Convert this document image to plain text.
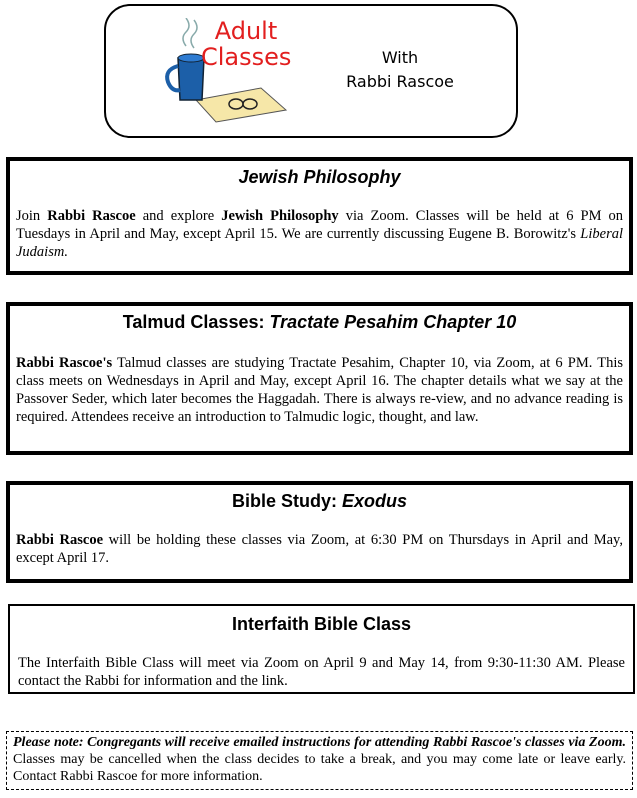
Adult
Classes	With
Rabbi Rascoe
Jewish Philosophy

Join Rabbi Rascoe and explore Jewish Philosophy via Zoom. Classes will be held at 6 PM on Tuesdays in April and May, except April 15. We are currently discussing Eugene B. Borowitz's Liberal Judaism.

Talmud Classes: Tractate Pesahim Chapter 10

Rabbi Rascoe's Talmud classes are studying Tractate Pesahim, Chapter 10, via Zoom, at 6 PM. This class meets on Wednesdays in April and May, except April 16. The chapter details what we say at the Passover Seder, which later becomes the Haggadah. There is always re-view, and no advance reading is required. Attendees receive an introduction to Talmudic logic, thought, and law.

Bible Study: Exodus

Rabbi Rascoe will be holding these classes via Zoom, at 6:30 PM on Thursdays in April and May, except April 17.

Interfaith Bible Class

The Interfaith Bible Class will meet via Zoom on April 9 and May 14, from 9:30-11:30 AM. Please contact the Rabbi for information and the link.

Please note: Congregants will receive emailed instructions for attending Rabbi Rascoe's classes via Zoom. Classes may be cancelled when the class decides to take a break, and you may come late or leave early. Contact Rabbi Rascoe for more information.
